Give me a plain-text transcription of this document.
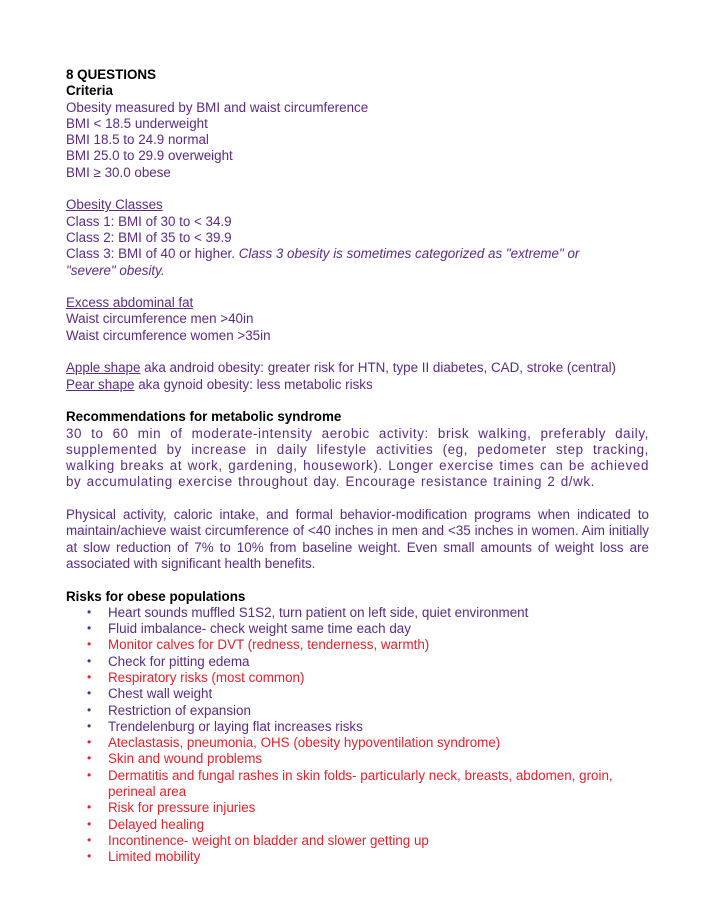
8 QUESTIONS

Criteria

Obesity measured by BMI and waist circumference

BMI < 18.5 underweight

BMI 18.5 to 24.9 normal

BMI 25.0 to 29.9 overweight

BMI ≥ 30.0 obese

Obesity Classes

Class 1: BMI of 30 to < 34.9

Class 2: BMI of 35 to < 39.9

Class 3: BMI of 40 or higher. Class 3 obesity is sometimes categorized as "extreme" or

"severe" obesity.

Excess abdominal fat

Waist circumference men >40in

Waist circumference women >35in

Apple shape aka android obesity: greater risk for HTN, type II diabetes, CAD, stroke (central)

Pear shape aka gynoid obesity: less metabolic risks

Recommendations for metabolic syndrome

30 to 60 min of moderate-intensity aerobic activity: brisk walking, preferably daily, supplemented by increase in daily lifestyle activities (eg, pedometer step tracking, walking breaks at work, gardening, housework). Longer exercise times can be achieved by accumulating exercise throughout day. Encourage resistance training 2 d/wk.

Physical activity, caloric intake, and formal behavior-modification programs when indicated to maintain/achieve waist circumference of <40 inches in men and <35 inches in women. Aim initially at slow reduction of 7% to 10% from baseline weight. Even small amounts of weight loss are associated with significant health benefits.

Risks for obese populations

• Heart sounds muffled S1S2, turn patient on left side, quiet environment
• Fluid imbalance- check weight same time each day
• Monitor calves for DVT (redness, tenderness, warmth)
• Check for pitting edema
• Respiratory risks (most common)
• Chest wall weight
• Restriction of expansion
• Trendelenburg or laying flat increases risks
• Ateclastasis, pneumonia, OHS (obesity hypoventilation syndrome)
• Skin and wound problems
• Dermatitis and fungal rashes in skin folds- particularly neck, breasts, abdomen, groin, perineal area
• Risk for pressure injuries
• Delayed healing
• Incontinence- weight on bladder and slower getting up
• Limited mobility
